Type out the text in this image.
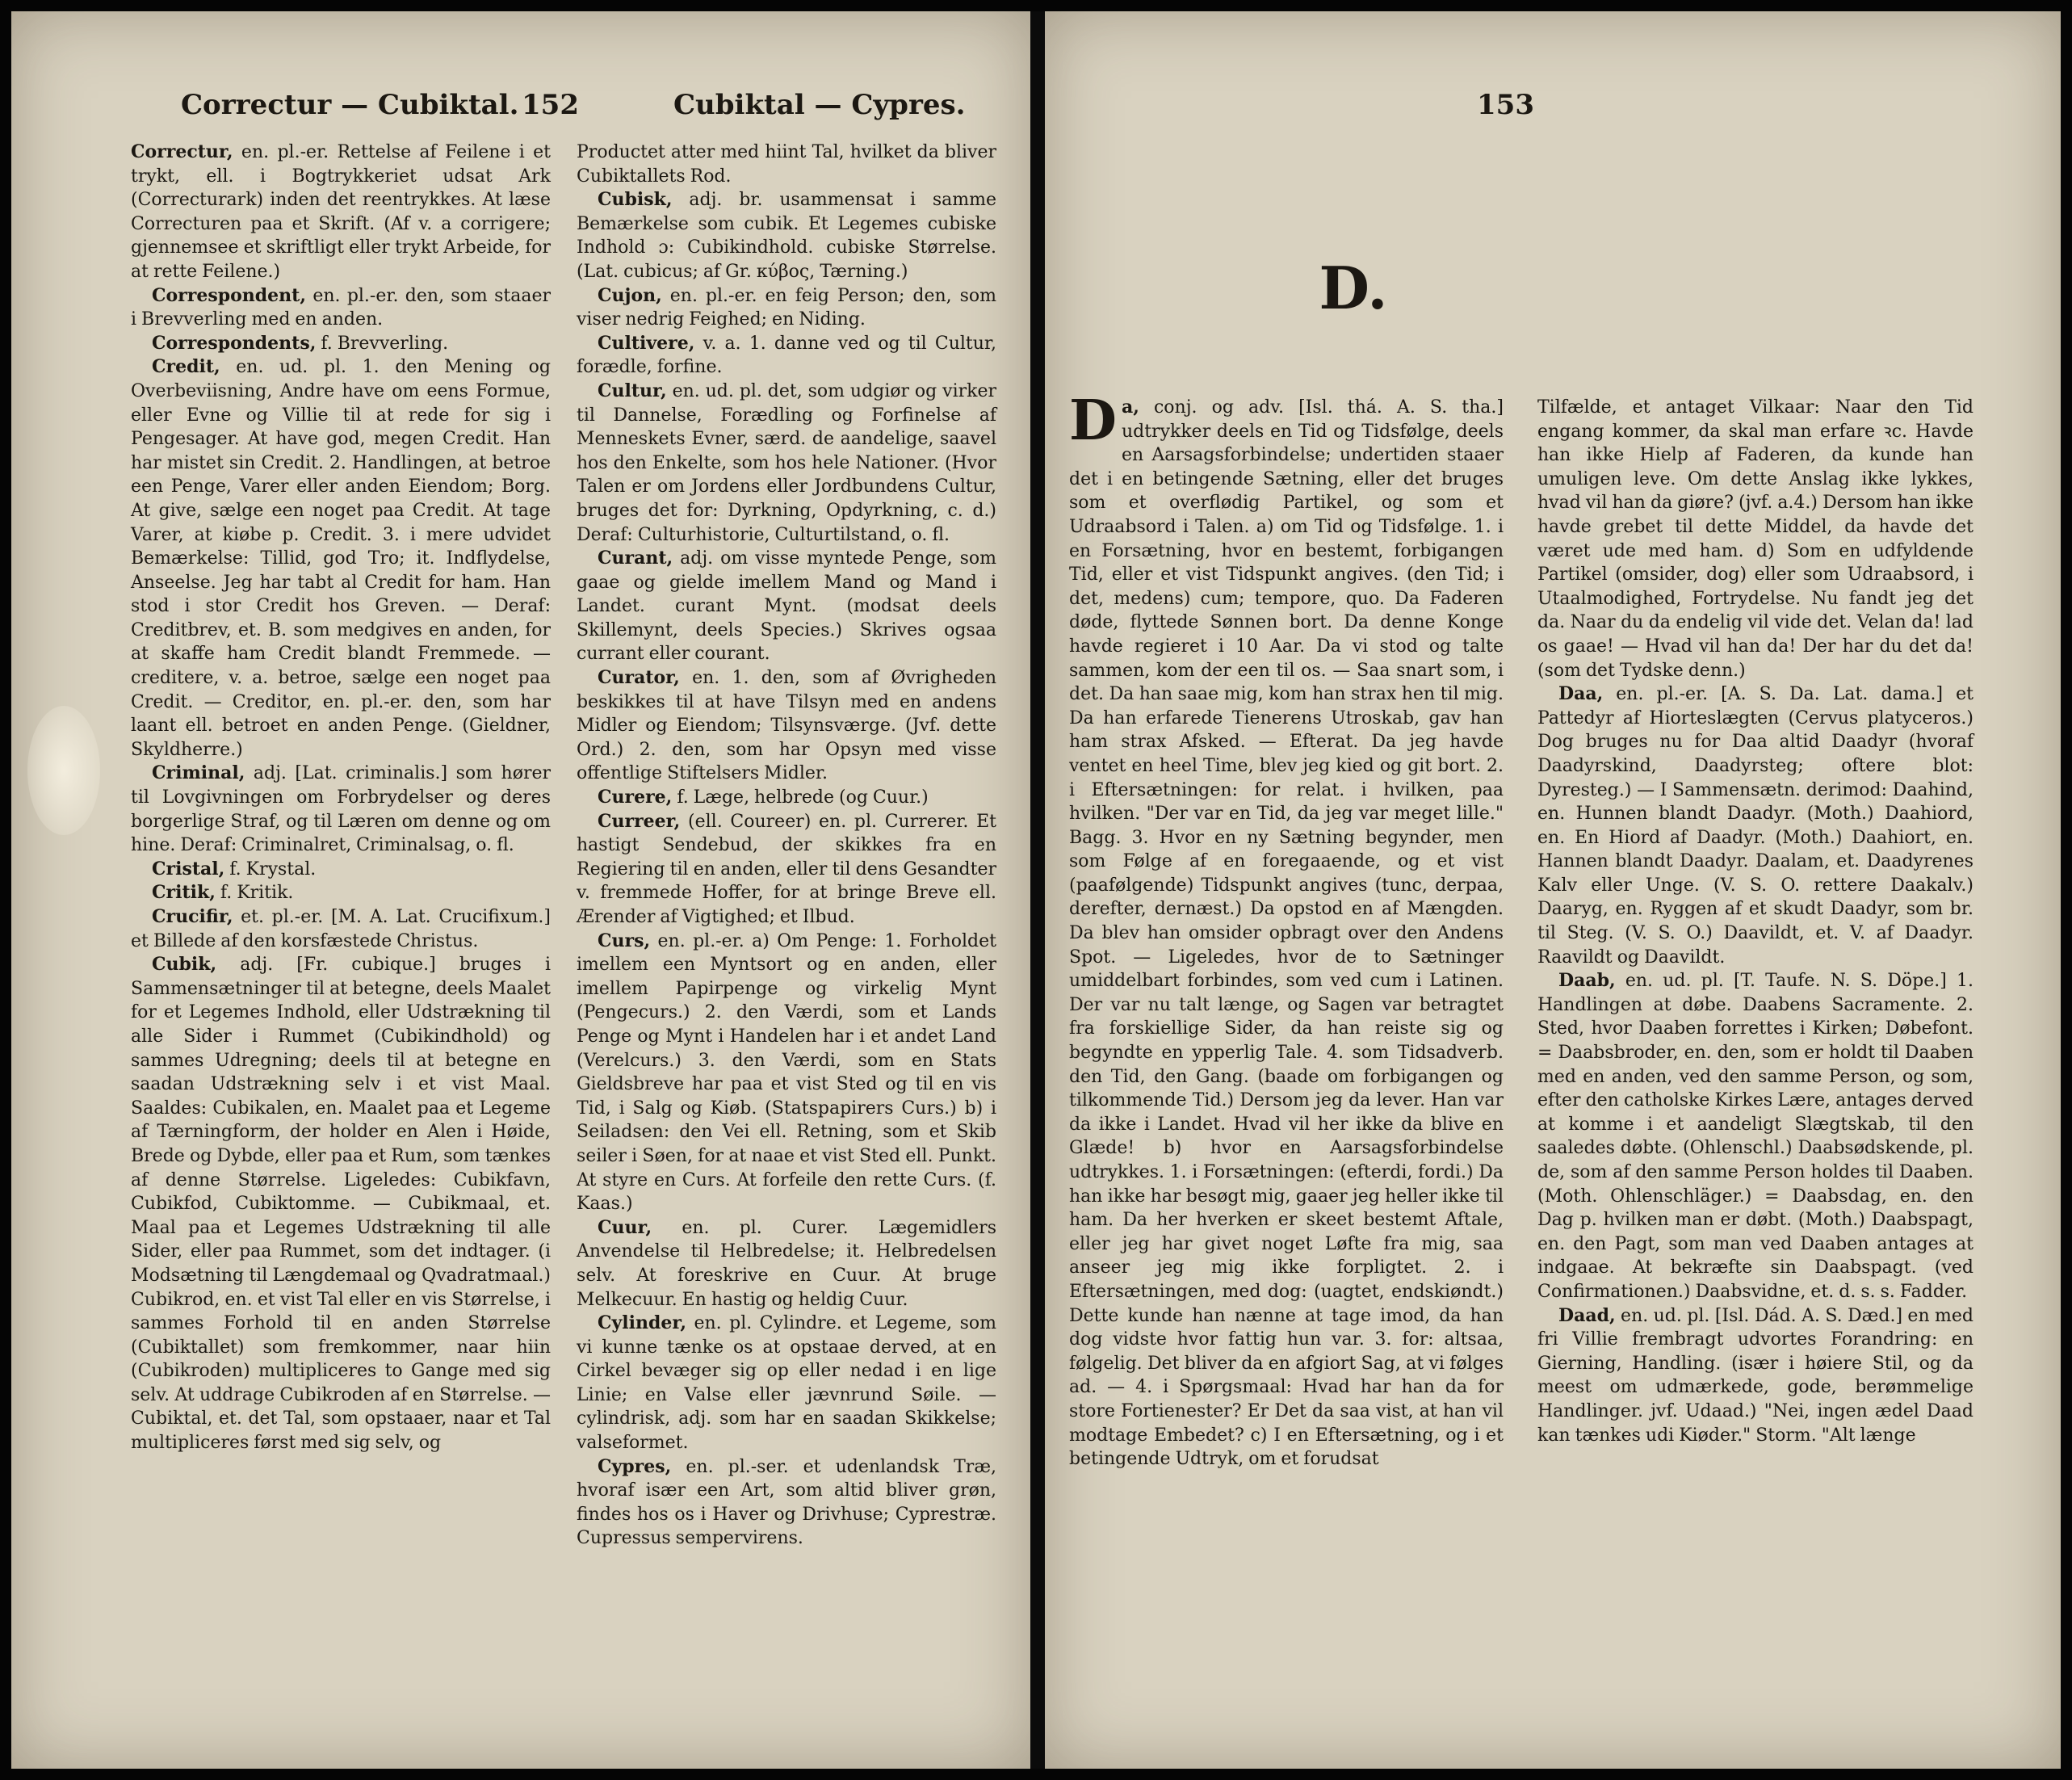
Correctur — Cubiktal. 152	Cubiktal — Cypres.

Correctur, en. pl.-er. Rettelse af Feilene i et trykt, ell. i Bogtrykkeriet udsat Ark (Correcturark) inden det reentrykkes. At læse Correcturen paa et Skrift. (Af v. a corrigere; gjennemsee et skriftligt eller trykt Arbeide, for at rette Feilene.)

Correspondent, en. pl.-er. den, som staaer i Brevverling med en anden.

Correspondents, f. Brevverling.

Credit, en. ud. pl. 1. den Mening og Overbeviisning, Andre have om eens Formue, eller Evne og Villie til at rede for sig i Pengesager. At have god, megen Credit. Han har mistet sin Credit. 2. Handlingen, at betroe een Penge, Varer eller anden Eiendom; Borg. At give, sælge een noget paa Credit. At tage Varer, at kiøbe p. Credit. 3. i mere udvidet Bemærkelse: Tillid, god Tro; it. Indflydelse, Anseelse. Jeg har tabt al Credit for ham. Han stod i stor Credit hos Greven. — Deraf: Creditbrev, et. B. som medgives en anden, for at skaffe ham Credit blandt Fremmede. — creditere, v. a. betroe, sælge een noget paa Credit. — Creditor, en. pl.-er. den, som har laant ell. betroet en anden Penge. (Gieldner, Skyldherre.)

Criminal, adj. [Lat. criminalis.] som hører til Lovgivningen om Forbrydelser og deres borgerlige Straf, og til Læren om denne og om hine. Deraf: Criminalret, Criminalsag, o. fl.

Cristal, f. Krystal.

Critik, f. Kritik.

Crucifir, et. pl.-er. [M. A. Lat. Crucifixum.] et Billede af den korsfæstede Christus.

Cubik, adj. [Fr. cubique.] bruges i Sammensætninger til at betegne, deels Maalet for et Legemes Indhold, eller Udstrækning til alle Sider i Rummet (Cubikindhold) og sammes Udregning; deels til at betegne en saadan Udstrækning selv i et vist Maal. Saaldes: Cubikalen, en. Maalet paa et Legeme af Tærningform, der holder en Alen i Høide, Brede og Dybde, eller paa et Rum, som tænkes af denne Størrelse. Ligeledes: Cubikfavn, Cubikfod, Cubiktomme. — Cubikmaal, et. Maal paa et Legemes Udstrækning til alle Sider, eller paa Rummet, som det indtager. (i Modsætning til Længdemaal og Qvadratmaal.) Cubikrod, en. et vist Tal eller en vis Størrelse, i sammes Forhold til en anden Størrelse (Cubiktallet) som fremkommer, naar hiin (Cubikroden) multipliceres to Gange med sig selv. At uddrage Cubikroden af en Størrelse. — Cubiktal, et. det Tal, som opstaaer, naar et Tal multipliceres først med sig selv, og

Productet atter med hiint Tal, hvilket da bliver Cubiktallets Rod.

Cubisk, adj. br. usammensat i samme Bemærkelse som cubik. Et Legemes cubiske Indhold ɔ: Cubikindhold. cubiske Størrelse. (Lat. cubicus; af Gr. κύβος, Tærning.)

Cujon, en. pl.-er. en feig Person; den, som viser nedrig Feighed; en Niding.

Cultivere, v. a. 1. danne ved og til Cultur, forædle, forfine.

Cultur, en. ud. pl. det, som udgiør og virker til Dannelse, Forædling og Forfinelse af Menneskets Evner, særd. de aandelige, saavel hos den Enkelte, som hos hele Nationer. (Hvor Talen er om Jordens eller Jordbundens Cultur, bruges det for: Dyrkning, Opdyrkning, c. d.) Deraf: Culturhistorie, Culturtilstand, o. fl.

Curant, adj. om visse myntede Penge, som gaae og gielde imellem Mand og Mand i Landet. curant Mynt. (modsat deels Skillemynt, deels Species.) Skrives ogsaa currant eller courant.

Curator, en. 1. den, som af Øvrigheden beskikkes til at have Tilsyn med en andens Midler og Eiendom; Tilsynsværge. (Jvf. dette Ord.) 2. den, som har Opsyn med visse offentlige Stiftelsers Midler.

Curere, f. Læge, helbrede (og Cuur.)

Curreer, (ell. Coureer) en. pl. Currerer. Et hastigt Sendebud, der skikkes fra en Regiering til en anden, eller til dens Gesandter v. fremmede Hoffer, for at bringe Breve ell. Ærender af Vigtighed; et Ilbud.

Curs, en. pl.-er. a) Om Penge: 1. Forholdet imellem een Myntsort og en anden, eller imellem Papirpenge og virkelig Mynt (Pengecurs.) 2. den Værdi, som et Lands Penge og Mynt i Handelen har i et andet Land (Verelcurs.) 3. den Værdi, som en Stats Gieldsbreve har paa et vist Sted og til en vis Tid, i Salg og Kiøb. (Statspapirers Curs.) b) i Seiladsen: den Vei ell. Retning, som et Skib seiler i Søen, for at naae et vist Sted ell. Punkt. At styre en Curs. At forfeile den rette Curs. (f. Kaas.)

Cuur, en. pl. Curer. Lægemidlers Anvendelse til Helbredelse; it. Helbredelsen selv. At foreskrive en Cuur. At bruge Melkecuur. En hastig og heldig Cuur.

Cylinder, en. pl. Cylindre. et Legeme, som vi kunne tænke os at opstaae derved, at en Cirkel bevæger sig op eller nedad i en lige Linie; en Valse eller jævnrund Søile. — cylindrisk, adj. som har en saadan Skikkelse; valseformet.

Cypres, en. pl.-ser. et udenlandsk Træ, hvoraf især een Art, som altid bliver grøn, findes hos os i Haver og Drivhuse; Cyprestræ. Cupressus sempervirens.

153
D.

Da, conj. og adv. [Isl. thá. A. S. tha.] udtrykker deels en Tid og Tidsfølge, deels en Aarsagsforbindelse; undertiden staaer det i en betingende Sætning, eller det bruges som et overflødig Partikel, og som et Udraabsord i Talen. a) om Tid og Tidsfølge. 1. i en Forsætning, hvor en bestemt, forbigangen Tid, eller et vist Tidspunkt angives. (den Tid; i det, medens) cum; tempore, quo. Da Faderen døde, flyttede Sønnen bort. Da denne Konge havde regieret i 10 Aar. Da vi stod og talte sammen, kom der een til os. — Saa snart som, i det. Da han saae mig, kom han strax hen til mig. Da han erfarede Tienerens Utroskab, gav han ham strax Afsked. — Efterat. Da jeg havde ventet en heel Time, blev jeg kied og git bort. 2. i Eftersætningen: for relat. i hvilken, paa hvilken. "Der var en Tid, da jeg var meget lille." Bagg. 3. Hvor en ny Sætning begynder, men som Følge af en foregaaende, og et vist (paafølgende) Tidspunkt angives (tunc, derpaa, derefter, dernæst.) Da opstod en af Mængden. Da blev han omsider opbragt over den Andens Spot. — Ligeledes, hvor de to Sætninger umiddelbart forbindes, som ved cum i Latinen. Der var nu talt længe, og Sagen var betragtet fra forskiellige Sider, da han reiste sig og begyndte en ypperlig Tale. 4. som Tidsadverb. den Tid, den Gang. (baade om forbigangen og tilkommende Tid.) Dersom jeg da lever. Han var da ikke i Landet. Hvad vil her ikke da blive en Glæde! b) hvor en Aarsagsforbindelse udtrykkes. 1. i Forsætningen: (efterdi, fordi.) Da han ikke har besøgt mig, gaaer jeg heller ikke til ham. Da her hverken er skeet bestemt Aftale, eller jeg har givet noget Løfte fra mig, saa anseer jeg mig ikke forpligtet. 2. i Eftersætningen, med dog: (uagtet, endskiøndt.) Dette kunde han nænne at tage imod, da han dog vidste hvor fattig hun var. 3. for: altsaa, følgelig. Det bliver da en afgiort Sag, at vi følges ad. — 4. i Spørgsmaal: Hvad har han da for store Fortienester? Er Det da saa vist, at han vil modtage Embedet? c) I en Eftersætning, og i et betingende Udtryk, om et forudsat

Tilfælde, et antaget Vilkaar: Naar den Tid engang kommer, da skal man erfare ꝛc. Havde han ikke Hielp af Faderen, da kunde han umuligen leve. Om dette Anslag ikke lykkes, hvad vil han da giøre? (jvf. a.4.) Dersom han ikke havde grebet til dette Middel, da havde det været ude med ham. d) Som en udfyldende Partikel (omsider, dog) eller som Udraabsord, i Utaalmodighed, Fortrydelse. Nu fandt jeg det da. Naar du da endelig vil vide det. Velan da! lad os gaae! — Hvad vil han da! Der har du det da! (som det Tydske denn.)

Daa, en. pl.-er. [A. S. Da. Lat. dama.] et Pattedyr af Hiorteslægten (Cervus platyceros.) Dog bruges nu for Daa altid Daadyr (hvoraf Daadyrskind, Daadyrsteg; oftere blot: Dyresteg.) — I Sammensætn. derimod: Daahind, en. Hunnen blandt Daadyr. (Moth.) Daahiord, en. En Hiord af Daadyr. (Moth.) Daahiort, en. Hannen blandt Daadyr. Daalam, et. Daadyrenes Kalv eller Unge. (V. S. O. rettere Daakalv.) Daaryg, en. Ryggen af et skudt Daadyr, som br. til Steg. (V. S. O.) Daavildt, et. V. af Daadyr. Raavildt og Daavildt.

Daab, en. ud. pl. [T. Taufe. N. S. Döpe.] 1. Handlingen at døbe. Daabens Sacramente. 2. Sted, hvor Daaben forrettes i Kirken; Døbefont. = Daabsbroder, en. den, som er holdt til Daaben med en anden, ved den samme Person, og som, efter den catholske Kirkes Lære, antages derved at komme i et aandeligt Slægtskab, til den saaledes døbte. (Ohlenschl.) Daabsødskende, pl. de, som af den samme Person holdes til Daaben. (Moth. Ohlenschläger.) = Daabsdag, en. den Dag p. hvilken man er døbt. (Moth.) Daabspagt, en. den Pagt, som man ved Daaben antages at indgaae. At bekræfte sin Daabspagt. (ved Confirmationen.) Daabsvidne, et. d. s. s. Fadder.

Daad, en. ud. pl. [Isl. Dád. A. S. Dæd.] en med fri Villie frembragt udvortes Forandring: en Gierning, Handling. (især i høiere Stil, og da meest om udmærkede, gode, berømmelige Handlinger. jvf. Udaad.) "Nei, ingen ædel Daad kan tænkes udi Kiøder." Storm. "Alt længe
